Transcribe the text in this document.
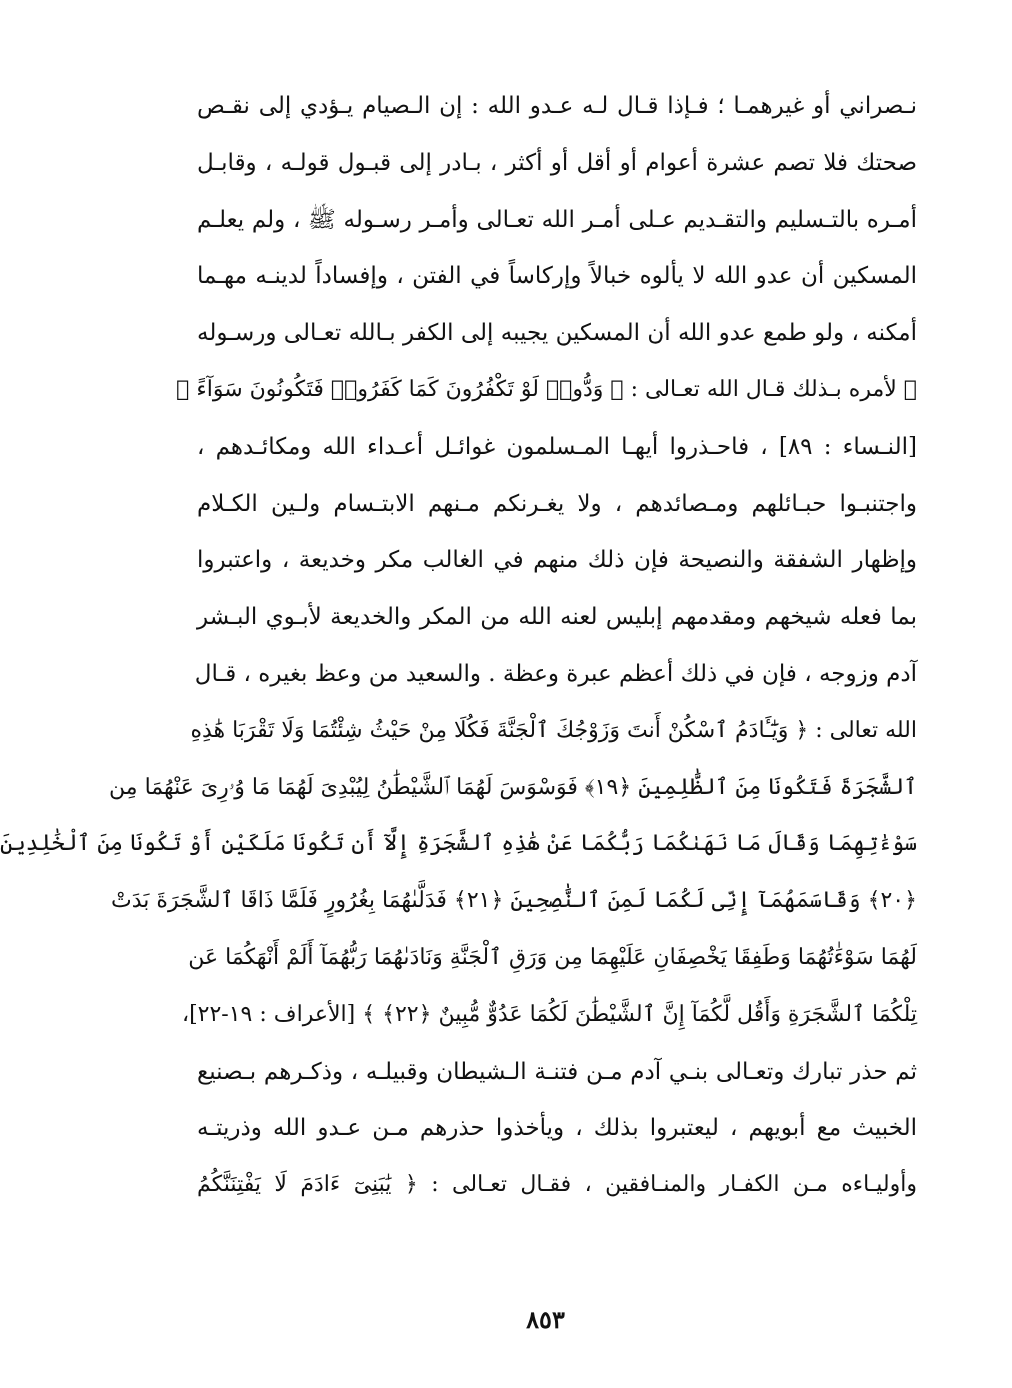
نـصراني أو غيرهمـا ؛ فـإذا قـال لـه عـدو الله : إن الـصيام يـؤدي إلى نقـص
صحتك فلا تصم عشرة أعوام أو أقل أو أكثر ، بـادر إلى قبـول قولـه ، وقابـل
أمـره بالتـسليم والتقـديم عـلى أمـر الله تعـالى وأمـر رسـوله ﷺ ، ولم يعلـم
المسكين أن عدو الله لا يألوه خبالاً وإركاساً في الفتن ، وإفساداً لدينـه مهـما
أمكنه ، ولو طمع عدو الله أن المسكين يجيبه إلى الكفر بـالله تعـالى ورسـوله
ﷺ لأمره بـذلك قـال الله تعـالى : ﴿ وَدُّوا۟ لَوْ تَكْفُرُونَ كَمَا كَفَرُوا۟ فَتَكُونُونَ سَوَآءً ﴾
[النـساء : ٨٩] ، فاحـذروا أيهـا المـسلمون غوائـل أعـداء الله ومكائـدهم ،
واجتنبـوا حبـائلهم ومـصائدهم ، ولا يغـرنكم مـنهم الابتـسام ولـين الكـلام
وإظهار الشفقة والنصيحة فإن ذلك منهم في الغالب مكر وخديعة ، واعتبروا
بما فعله شيخهم ومقدمهم إبليس لعنه الله من المكر والخديعة لأبـوي البـشر
آدم وزوجه ، فإن في ذلك أعظم عبرة وعظة . والسعيد من وعظ بغيره ، قـال
الله تعالى : ﴿ وَيَٰٓـَٔادَمُ ٱسْكُنْ أَنتَ وَزَوْجُكَ ٱلْجَنَّةَ فَكُلَا مِنْ حَيْثُ شِئْتُمَا وَلَا تَقْرَبَا هَٰذِهِ
ٱلشَّجَرَةَ فَتَكُونَا مِنَ ٱلظَّٰلِمِينَ ﴿١٩﴾ فَوَسْوَسَ لَهُمَا ٱلشَّيْطَٰنُ لِيُبْدِىَ لَهُمَا مَا وُۥرِىَ عَنْهُمَا مِن
سَوْءَٰتِهِمَا وَقَالَ مَا نَهَىٰكُمَا رَبُّكُمَا عَنْ هَٰذِهِ ٱلشَّجَرَةِ إِلَّآ أَن تَكُونَا مَلَكَيْنِ أَوْ تَكُونَا مِنَ ٱلْخَٰلِدِينَ
﴿٢٠﴾ وَقَاسَمَهُمَآ إِنِّى لَكُمَا لَمِنَ ٱلنَّٰصِحِينَ ﴿٢١﴾ فَدَلَّىٰهُمَا بِغُرُورٍ فَلَمَّا ذَاقَا ٱلشَّجَرَةَ بَدَتْ
لَهُمَا سَوْءَٰتُهُمَا وَطَفِقَا يَخْصِفَانِ عَلَيْهِمَا مِن وَرَقِ ٱلْجَنَّةِ وَنَادَىٰهُمَا رَبُّهُمَآ أَلَمْ أَنْهَكُمَا عَن
تِلْكُمَا ٱلشَّجَرَةِ وَأَقُل لَّكُمَآ إِنَّ ٱلشَّيْطَٰنَ لَكُمَا عَدُوٌّ مُّبِينٌ ﴿٢٢﴾ ﴾ [الأعراف : ١٩-٢٢]،
ثم حذر تبارك وتعـالى بنـي آدم مـن فتنـة الـشيطان وقبيلـه ، وذكـرهم بـصنيع
الخبيث مع أبويهم ، ليعتبروا بذلك ، ويأخذوا حذرهم مـن عـدو الله وذريتـه
وأوليـاءه مـن الكفـار والمنـافقين ، فقـال تعـالى : ﴿ يَٰبَنِىٓ ءَادَمَ لَا يَفْتِنَنَّكُمُ
٨٥٣
